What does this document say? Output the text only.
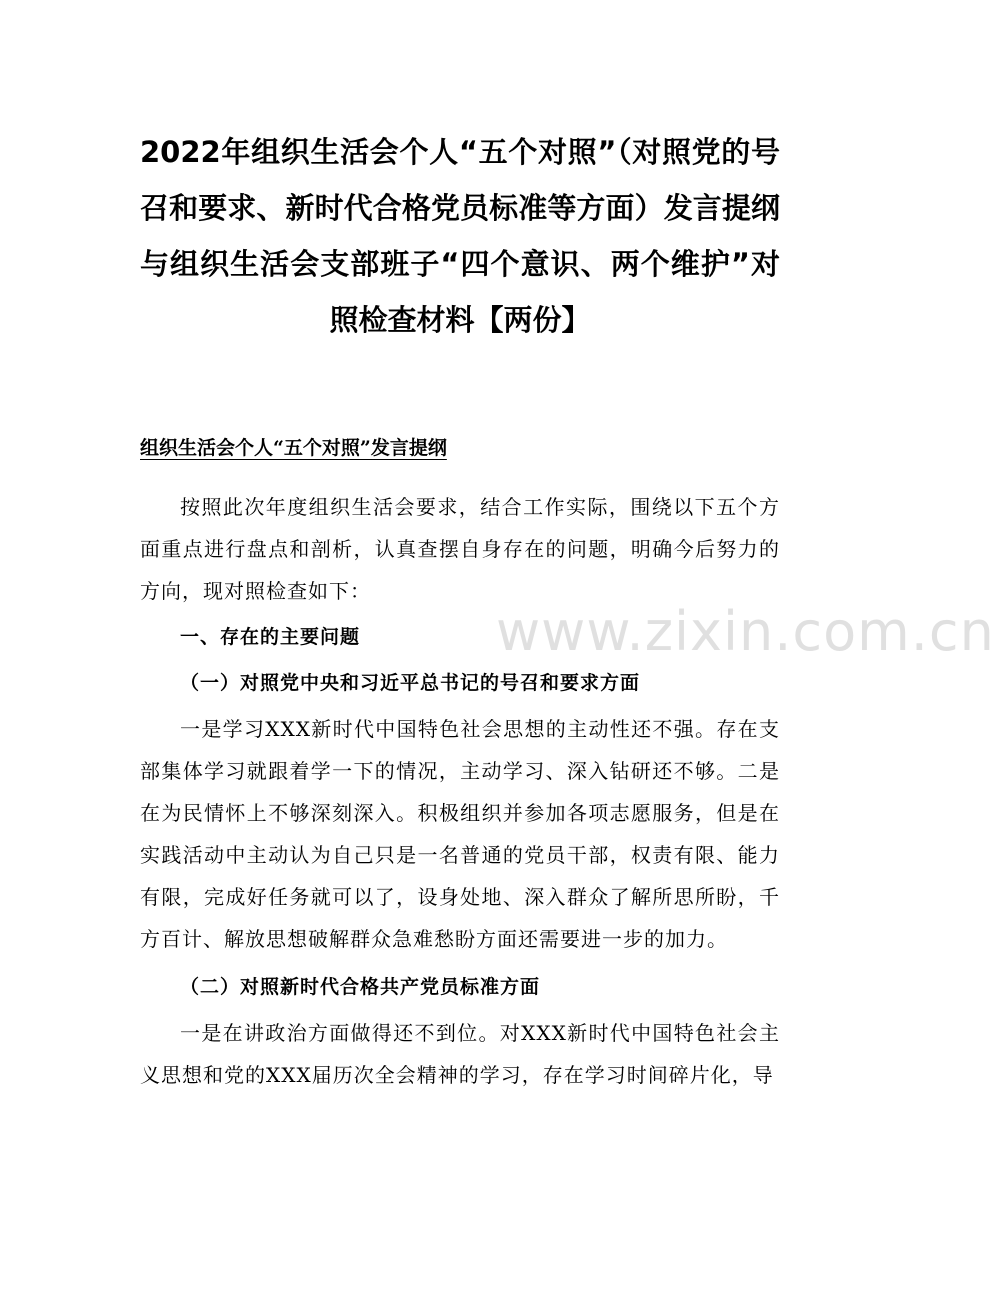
2022年组织生活会个人“五个对照”（对照党的号召和要求、新时代合格党员标准等方面）发言提纲与组织生活会支部班子“四个意识、两个维护”对照检查材料【两份】
组织生活会个人“五个对照”发言提纲

按照此次年度组织生活会要求，结合工作实际，围绕以下五个方面重点进行盘点和剖析，认真查摆自身存在的问题，明确今后努力的方向，现对照检查如下：

一、存在的主要问题

（一）对照党中央和习近平总书记的号召和要求方面

一是学习XXX新时代中国特色社会思想的主动性还不强。存在支部集体学习就跟着学一下的情况，主动学习、深入钻研还不够。二是在为民情怀上不够深刻深入。积极组织并参加各项志愿服务，但是在实践活动中主动认为自己只是一名普通的党员干部，权责有限、能力有限，完成好任务就可以了，设身处地、深入群众了解所思所盼，千方百计、解放思想破解群众急难愁盼方面还需要进一步的加力。

（二）对照新时代合格共产党员标准方面

一是在讲政治方面做得还不到位。对XXX新时代中国特色社会主义思想和党的XXX届历次全会精神的学习，存在学习时间碎片化，导

www.zixin.com.cn
